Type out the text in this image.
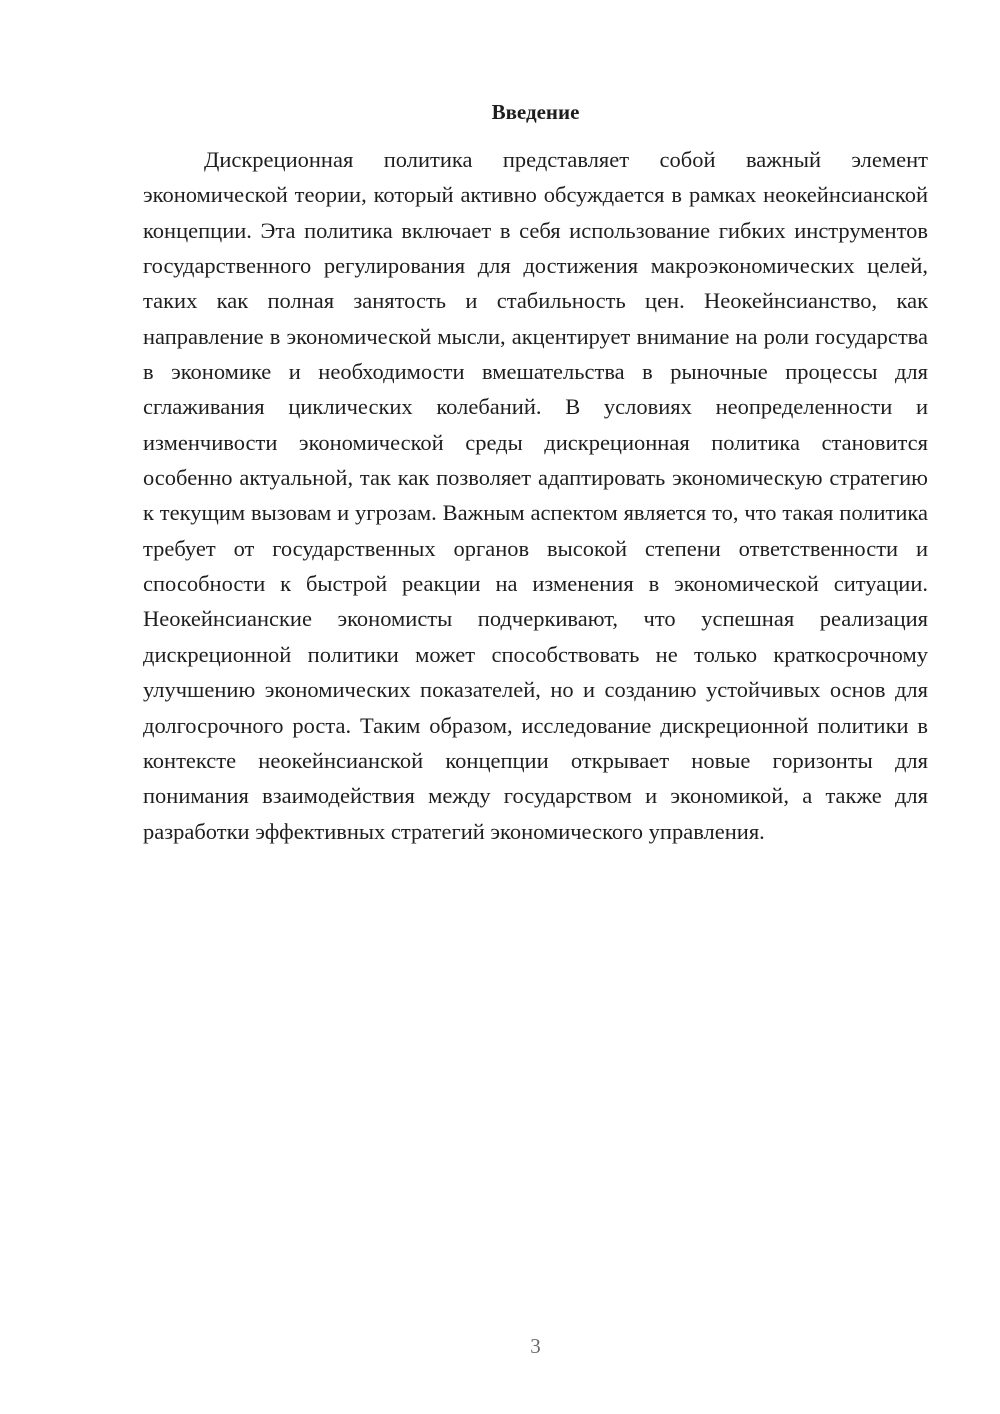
Введение

Дискреционная политика представляет собой важный элемент экономической теории, который активно обсуждается в рамках неокейнсианской концепции. Эта политика включает в себя использование гибких инструментов государственного регулирования для достижения макроэкономических целей, таких как полная занятость и стабильность цен. Неокейнсианство, как направление в экономической мысли, акцентирует внимание на роли государства в экономике и необходимости вмешательства в рыночные процессы для сглаживания циклических колебаний. В условиях неопределенности и изменчивости экономической среды дискреционная политика становится особенно актуальной, так как позволяет адаптировать экономическую стратегию к текущим вызовам и угрозам. Важным аспектом является то, что такая политика требует от государственных органов высокой степени ответственности и способности к быстрой реакции на изменения в экономической ситуации. Неокейнсианские экономисты подчеркивают, что успешная реализация дискреционной политики может способствовать не только краткосрочному улучшению экономических показателей, но и созданию устойчивых основ для долгосрочного роста. Таким образом, исследование дискреционной политики в контексте неокейнсианской концепции открывает новые горизонты для понимания взаимодействия между государством и экономикой, а также для разработки эффективных стратегий экономического управления.

3
